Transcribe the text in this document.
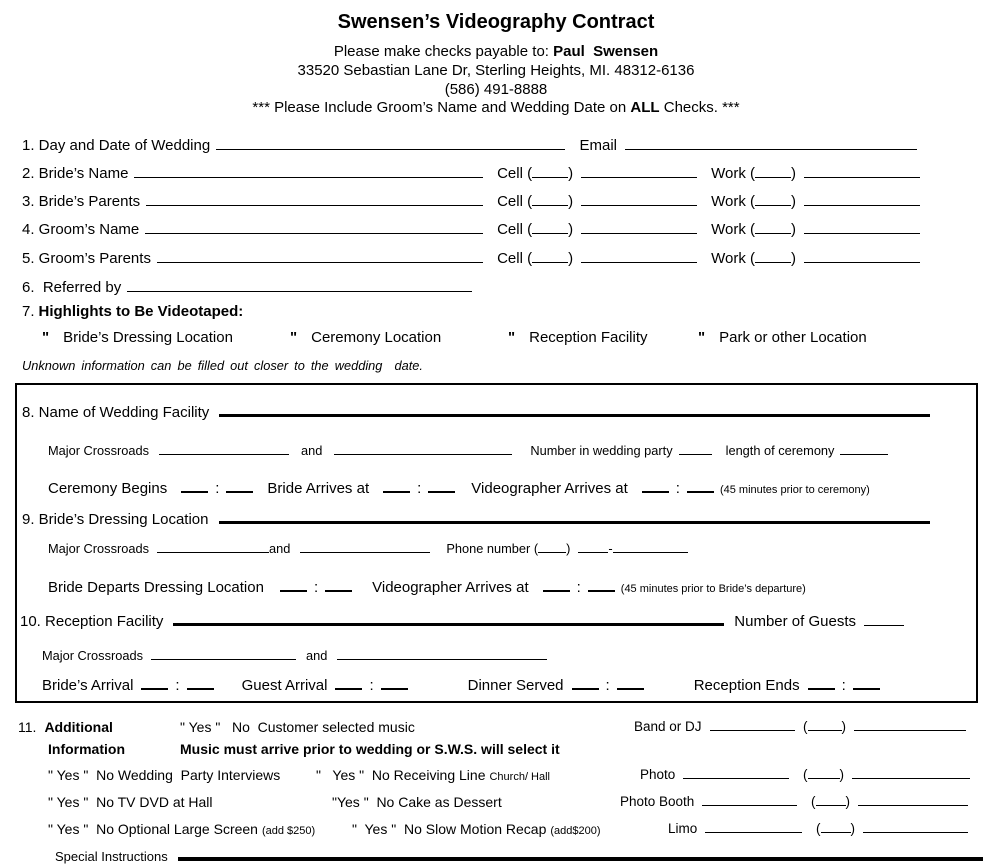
Swensen’s Videography Contract
Please make checks payable to: Paul  Swensen
33520 Sebastian Lane Dr, Sterling Heights, MI. 48312-6136
(586) 491-8888
*** Please Include Groom’s Name and Wedding Date on ALL Checks. ***
1. Day and Date of Wedding	Email
2. Bride’s Name	Cell ( )	Work ( )
3. Bride’s Parents	Cell ( )	Work ( )
4. Groom’s Name	Cell ( )	Work ( )
5. Groom’s Parents	Cell ( )	Work ( )
6.  Referred by
7. Highlights to Be Videotaped:
" Bride’s Dressing Location	" Ceremony Location	" Reception Facility	" Park or other Location
Unknown information can be filled out closer to the wedding  date.
8. Name of Wedding Facility
Major Crossroads	and	Number in wedding party	length of ceremony
Ceremony Begins	:	Bride Arrives at	:	Videographer Arrives at	:	(45 minutes prior to ceremony)
9. Bride’s Dressing Location
Major Crossroads	and	Phone number ( )	-
Bride Departs Dressing Location	:	Videographer Arrives at	:	(45 minutes prior to Bride’s departure)
10. Reception Facility	Number of Guests
Major Crossroads	and
Bride’s Arrival	:	Guest Arrival	:	Dinner Served	:	Reception Ends	:
11. Additional	" Yes "   No  Customer selected music	Band or DJ	(	)
Information	Music must arrive prior to wedding or S.W.S. will select it
" Yes "  No Wedding  Party Interviews	"   Yes "  No Receiving Line Church/ Hall	Photo	( )
" Yes "  No TV DVD at Hall	"Yes "  No Cake as Dessert	Photo Booth	( )
" Yes "  No Optional Large Screen (add $250)	"  Yes "  No Slow Motion Recap (add$200)	Limo	( )
Special Instructions
